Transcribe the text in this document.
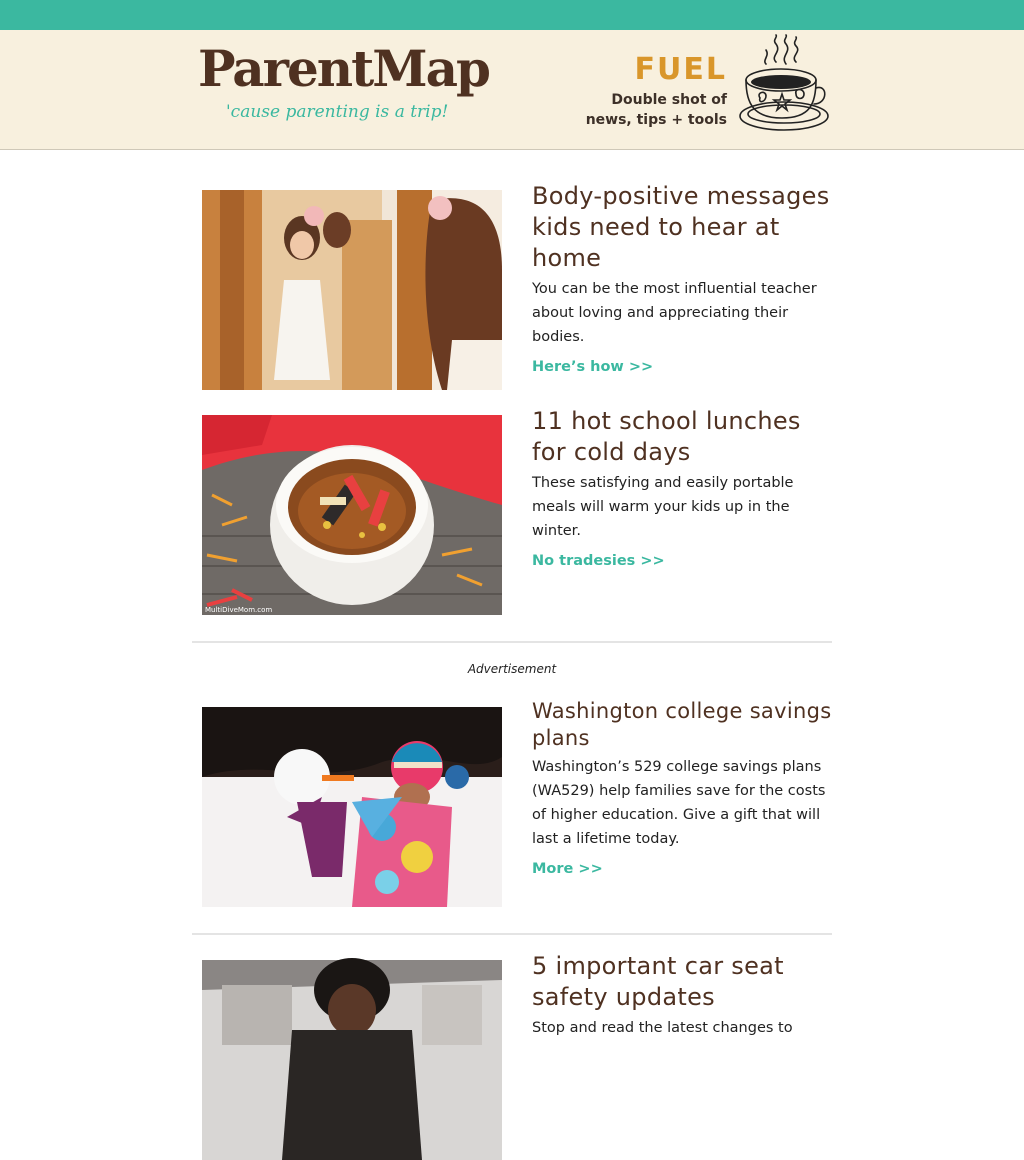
ParentMap
'cause parenting is a trip!
FUEL
Double shot of
news, tips + tools
Body-positive messages kids need to hear at home
You can be the most influential teacher about loving and appreciating their bodies.
Here’s how >>
MultiDiveMom.com
11 hot school lunches for cold days
These satisfying and easily portable meals will warm your kids up in the winter.
No tradesies >>
Advertisement
Washington college savings plans
Washington’s 529 college savings plans (WA529) help families save for the costs of higher education. Give a gift that will last a lifetime today.
More >>
5 important car seat safety updates
Stop and read the latest changes to
